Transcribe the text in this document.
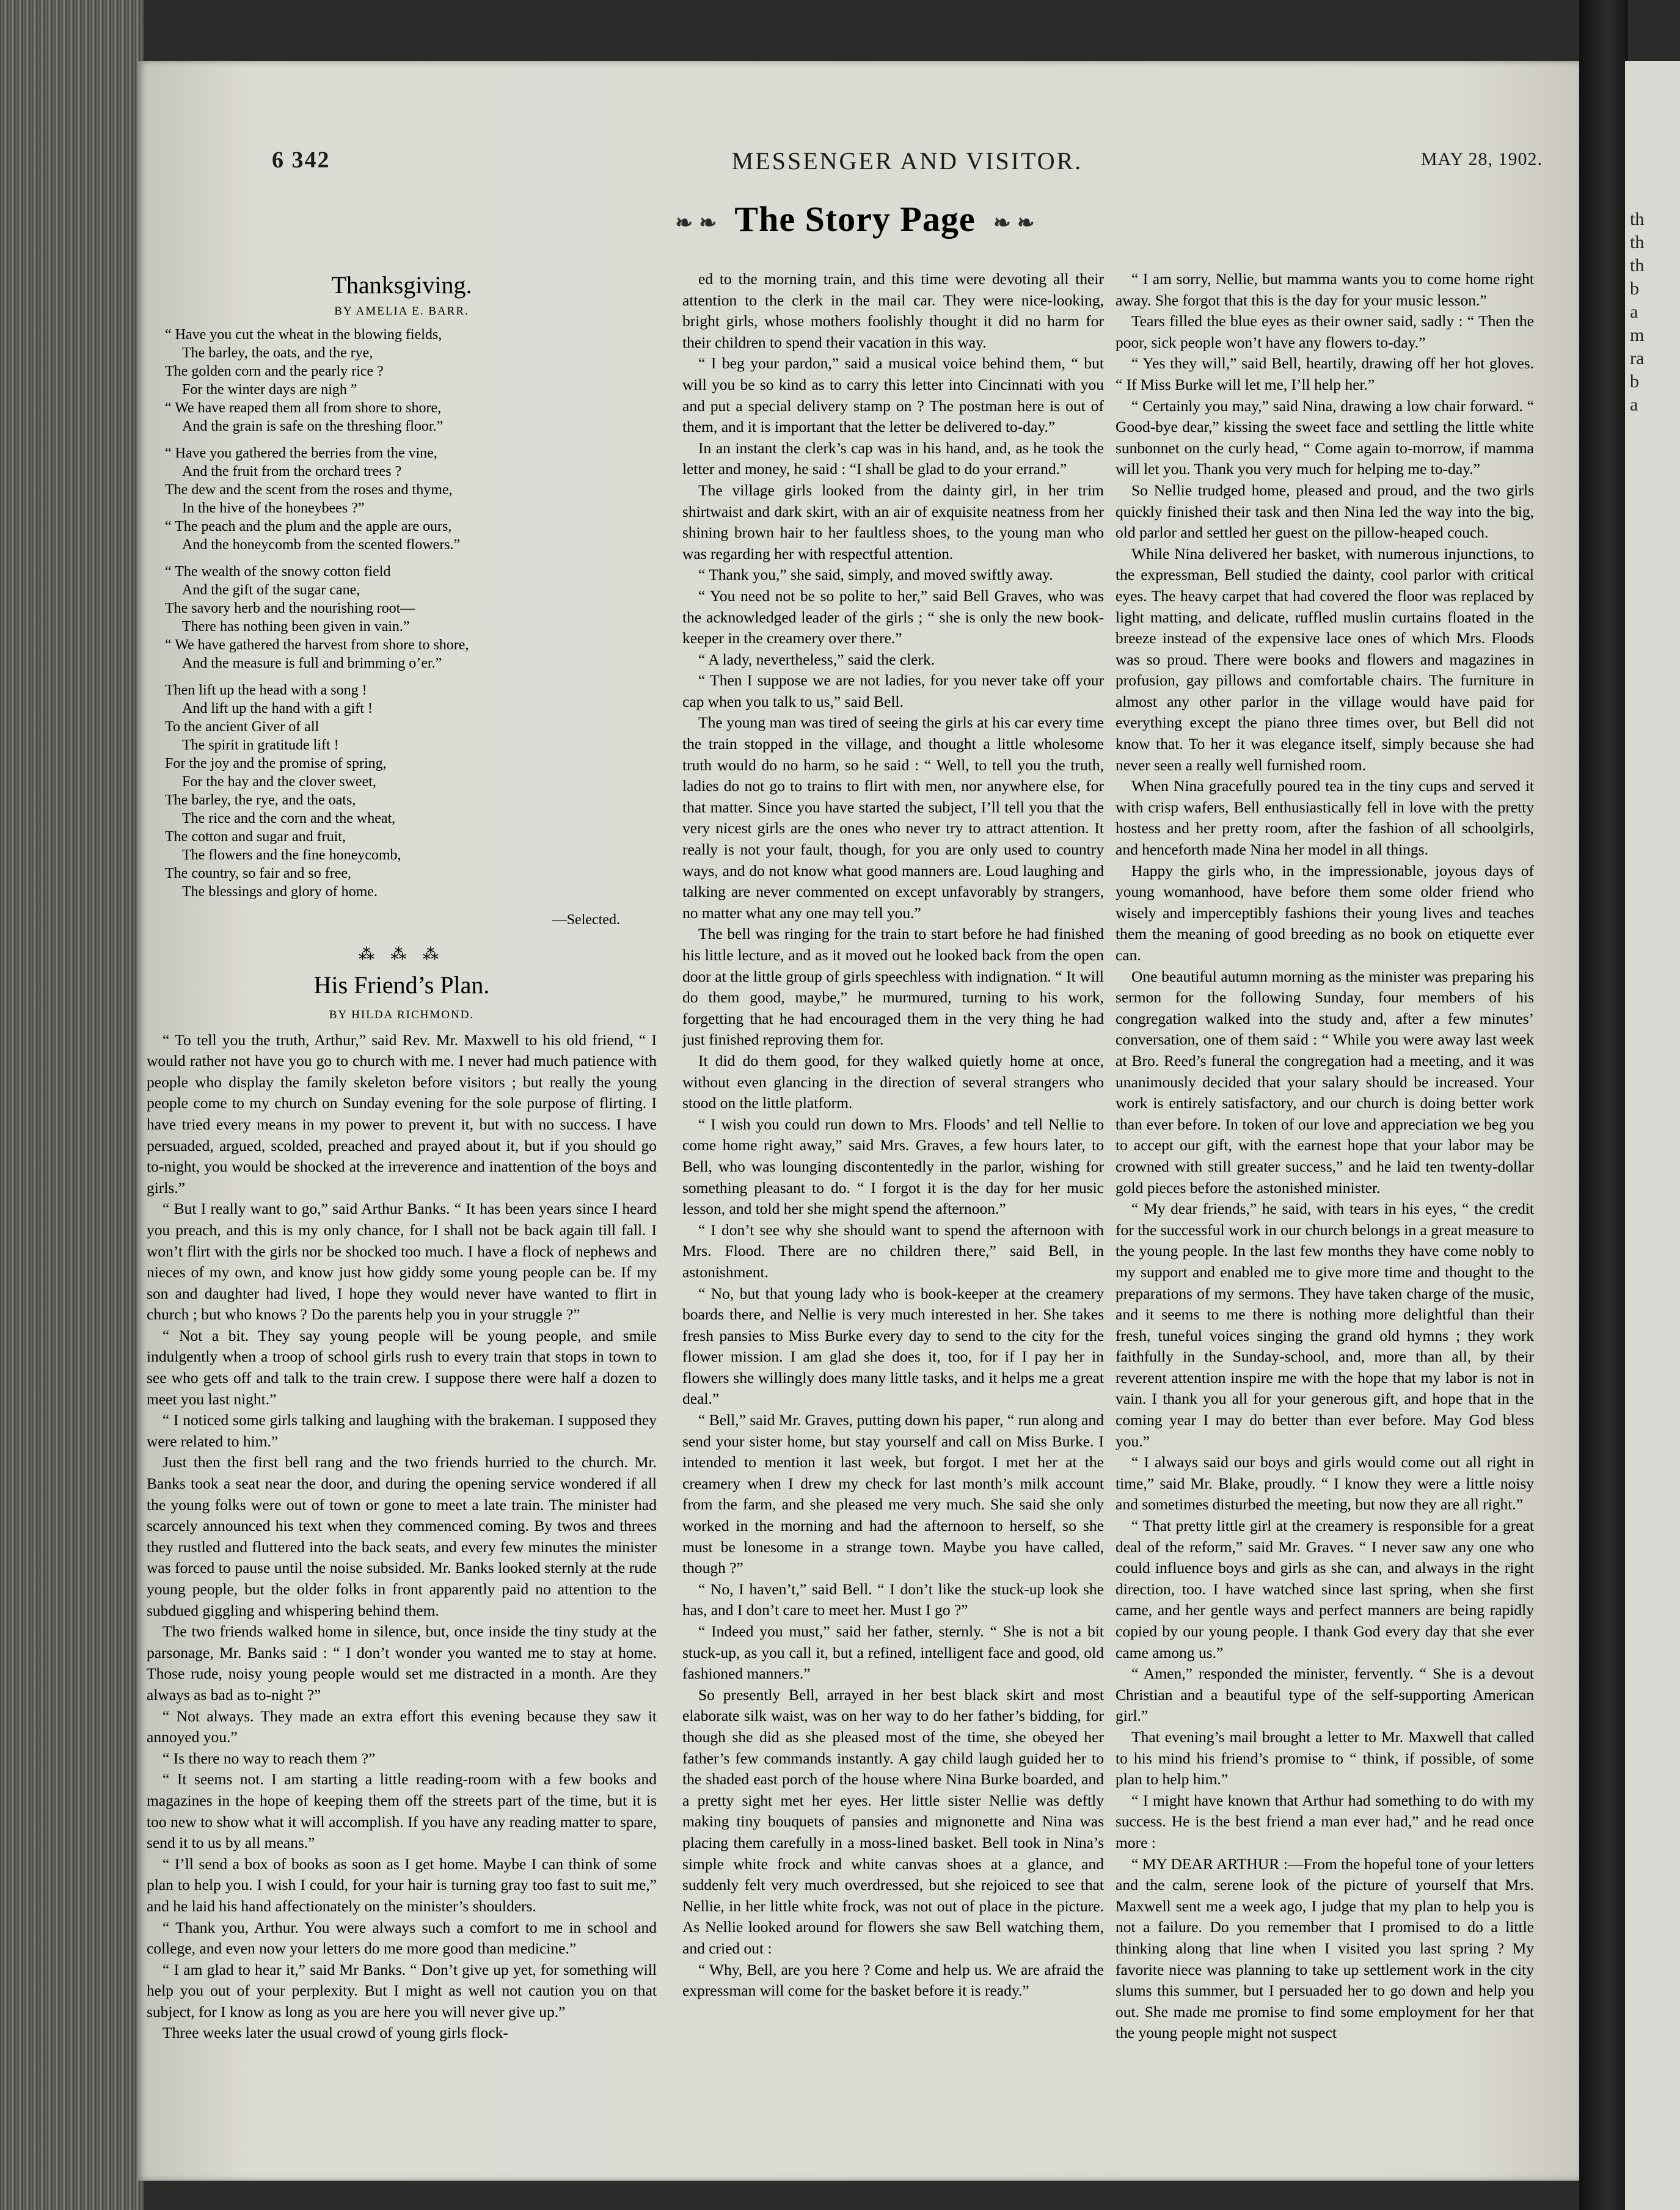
6 342	MESSENGER AND VISITOR.	MAY 28, 1902.
❧ ❧ The Story Page ❧ ❧
Thanksgiving.
BY AMELIA E. BARR.
“ Have you cut the wheat in the blowing fields,
The barley, the oats, and the rye,
The golden corn and the pearly rice ?
For the winter days are nigh ”
“ We have reaped them all from shore to shore,
And the grain is safe on the threshing floor.”
“ Have you gathered the berries from the vine,
And the fruit from the orchard trees ?
The dew and the scent from the roses and thyme,
In the hive of the honeybees ?”
“ The peach and the plum and the apple are ours,
And the honeycomb from the scented flowers.”
“ The wealth of the snowy cotton field
And the gift of the sugar cane,
The savory herb and the nourishing root—
There has nothing been given in vain.”
“ We have gathered the harvest from shore to shore,
And the measure is full and brimming o’er.”
Then lift up the head with a song !
And lift up the hand with a gift !
To the ancient Giver of all
The spirit in gratitude lift !
For the joy and the promise of spring,
For the hay and the clover sweet,
The barley, the rye, and the oats,
The rice and the corn and the wheat,
The cotton and sugar and fruit,
The flowers and the fine honeycomb,
The country, so fair and so free,
The blessings and glory of home.
—Selected.
⁂ ⁂ ⁂
His Friend’s Plan.
BY HILDA RICHMOND.

“ To tell you the truth, Arthur,” said Rev. Mr. Maxwell to his old friend, “ I would rather not have you go to church with me. I never had much patience with people who display the family skeleton before visitors ; but really the young people come to my church on Sunday evening for the sole purpose of flirting. I have tried every means in my power to prevent it, but with no success. I have persuaded, argued, scolded, preached and prayed about it, but if you should go to-night, you would be shocked at the irreverence and inattention of the boys and girls.”

“ But I really want to go,” said Arthur Banks. “ It has been years since I heard you preach, and this is my only chance, for I shall not be back again till fall. I won’t flirt with the girls nor be shocked too much. I have a flock of nephews and nieces of my own, and know just how giddy some young people can be. If my son and daughter had lived, I hope they would never have wanted to flirt in church ; but who knows ? Do the parents help you in your struggle ?”

“ Not a bit. They say young people will be young people, and smile indulgently when a troop of school girls rush to every train that stops in town to see who gets off and talk to the train crew. I suppose there were half a dozen to meet you last night.”

“ I noticed some girls talking and laughing with the brakeman. I supposed they were related to him.”

Just then the first bell rang and the two friends hurried to the church. Mr. Banks took a seat near the door, and during the opening service wondered if all the young folks were out of town or gone to meet a late train. The minister had scarcely announced his text when they commenced coming. By twos and threes they rustled and fluttered into the back seats, and every few minutes the minister was forced to pause until the noise subsided. Mr. Banks looked sternly at the rude young people, but the older folks in front apparently paid no attention to the subdued giggling and whispering behind them.

The two friends walked home in silence, but, once inside the tiny study at the parsonage, Mr. Banks said : “ I don’t wonder you wanted me to stay at home. Those rude, noisy young people would set me distracted in a month. Are they always as bad as to-night ?”

“ Not always. They made an extra effort this evening because they saw it annoyed you.”

“ Is there no way to reach them ?”

“ It seems not. I am starting a little reading-room with a few books and magazines in the hope of keeping them off the streets part of the time, but it is too new to show what it will accomplish. If you have any reading matter to spare, send it to us by all means.”

“ I’ll send a box of books as soon as I get home. Maybe I can think of some plan to help you. I wish I could, for your hair is turning gray too fast to suit me,” and he laid his hand affectionately on the minister’s shoulders.

“ Thank you, Arthur. You were always such a comfort to me in school and college, and even now your letters do me more good than medicine.”

“ I am glad to hear it,” said Mr Banks. “ Don’t give up yet, for something will help you out of your perplexity. But I might as well not caution you on that subject, for I know as long as you are here you will never give up.”

Three weeks later the usual crowd of young girls flock-

ed to the morning train, and this time were devoting all their attention to the clerk in the mail car. They were nice-looking, bright girls, whose mothers foolishly thought it did no harm for their children to spend their vacation in this way.

“ I beg your pardon,” said a musical voice behind them, “ but will you be so kind as to carry this letter into Cincinnati with you and put a special delivery stamp on ? The postman here is out of them, and it is important that the letter be delivered to-day.”

In an instant the clerk’s cap was in his hand, and, as he took the letter and money, he said : “I shall be glad to do your errand.”

The village girls looked from the dainty girl, in her trim shirtwaist and dark skirt, with an air of exquisite neatness from her shining brown hair to her faultless shoes, to the young man who was regarding her with respectful attention.

“ Thank you,” she said, simply, and moved swiftly away.

“ You need not be so polite to her,” said Bell Graves, who was the acknowledged leader of the girls ; “ she is only the new book-keeper in the creamery over there.”

“ A lady, nevertheless,” said the clerk.

“ Then I suppose we are not ladies, for you never take off your cap when you talk to us,” said Bell.

The young man was tired of seeing the girls at his car every time the train stopped in the village, and thought a little wholesome truth would do no harm, so he said : “ Well, to tell you the truth, ladies do not go to trains to flirt with men, nor anywhere else, for that matter. Since you have started the subject, I’ll tell you that the very nicest girls are the ones who never try to attract attention. It really is not your fault, though, for you are only used to country ways, and do not know what good manners are. Loud laughing and talking are never commented on except unfavorably by strangers, no matter what any one may tell you.”

The bell was ringing for the train to start before he had finished his little lecture, and as it moved out he looked back from the open door at the little group of girls speechless with indignation. “ It will do them good, maybe,” he murmured, turning to his work, forgetting that he had encouraged them in the very thing he had just finished reproving them for.

It did do them good, for they walked quietly home at once, without even glancing in the direction of several strangers who stood on the little platform.

“ I wish you could run down to Mrs. Floods’ and tell Nellie to come home right away,” said Mrs. Graves, a few hours later, to Bell, who was lounging discontentedly in the parlor, wishing for something pleasant to do. “ I forgot it is the day for her music lesson, and told her she might spend the afternoon.”

“ I don’t see why she should want to spend the afternoon with Mrs. Flood. There are no children there,” said Bell, in astonishment.

“ No, but that young lady who is book-keeper at the creamery boards there, and Nellie is very much interested in her. She takes fresh pansies to Miss Burke every day to send to the city for the flower mission. I am glad she does it, too, for if I pay her in flowers she willingly does many little tasks, and it helps me a great deal.”

“ Bell,” said Mr. Graves, putting down his paper, “ run along and send your sister home, but stay yourself and call on Miss Burke. I intended to mention it last week, but forgot. I met her at the creamery when I drew my check for last month’s milk account from the farm, and she pleased me very much. She said she only worked in the morning and had the afternoon to herself, so she must be lonesome in a strange town. Maybe you have called, though ?”

“ No, I haven’t,” said Bell. “ I don’t like the stuck-up look she has, and I don’t care to meet her. Must I go ?”

“ Indeed you must,” said her father, sternly. “ She is not a bit stuck-up, as you call it, but a refined, intelligent face and good, old fashioned manners.”

So presently Bell, arrayed in her best black skirt and most elaborate silk waist, was on her way to do her father’s bidding, for though she did as she pleased most of the time, she obeyed her father’s few commands instantly. A gay child laugh guided her to the shaded east porch of the house where Nina Burke boarded, and a pretty sight met her eyes. Her little sister Nellie was deftly making tiny bouquets of pansies and mignonette and Nina was placing them carefully in a moss-lined basket. Bell took in Nina’s simple white frock and white canvas shoes at a glance, and suddenly felt very much overdressed, but she rejoiced to see that Nellie, in her little white frock, was not out of place in the picture. As Nellie looked around for flowers she saw Bell watching them, and cried out :

“ Why, Bell, are you here ? Come and help us. We are afraid the expressman will come for the basket before it is ready.”

“ I am sorry, Nellie, but mamma wants you to come home right away. She forgot that this is the day for your music lesson.”

Tears filled the blue eyes as their owner said, sadly : “ Then the poor, sick people won’t have any flowers to-day.”

“ Yes they will,” said Bell, heartily, drawing off her hot gloves. “ If Miss Burke will let me, I’ll help her.”

“ Certainly you may,” said Nina, drawing a low chair forward. “ Good-bye dear,” kissing the sweet face and settling the little white sunbonnet on the curly head, “ Come again to-morrow, if mamma will let you. Thank you very much for helping me to-day.”

So Nellie trudged home, pleased and proud, and the two girls quickly finished their task and then Nina led the way into the big, old parlor and settled her guest on the pillow-heaped couch.

While Nina delivered her basket, with numerous injunctions, to the expressman, Bell studied the dainty, cool parlor with critical eyes. The heavy carpet that had covered the floor was replaced by light matting, and delicate, ruffled muslin curtains floated in the breeze instead of the expensive lace ones of which Mrs. Floods was so proud. There were books and flowers and magazines in profusion, gay pillows and comfortable chairs. The furniture in almost any other parlor in the village would have paid for everything except the piano three times over, but Bell did not know that. To her it was elegance itself, simply because she had never seen a really well furnished room.

When Nina gracefully poured tea in the tiny cups and served it with crisp wafers, Bell enthusiastically fell in love with the pretty hostess and her pretty room, after the fashion of all schoolgirls, and henceforth made Nina her model in all things.

Happy the girls who, in the impressionable, joyous days of young womanhood, have before them some older friend who wisely and imperceptibly fashions their young lives and teaches them the meaning of good breeding as no book on etiquette ever can.

One beautiful autumn morning as the minister was preparing his sermon for the following Sunday, four members of his congregation walked into the study and, after a few minutes’ conversation, one of them said : “ While you were away last week at Bro. Reed’s funeral the congregation had a meeting, and it was unanimously decided that your salary should be increased. Your work is entirely satisfactory, and our church is doing better work than ever before. In token of our love and appreciation we beg you to accept our gift, with the earnest hope that your labor may be crowned with still greater success,” and he laid ten twenty-dollar gold pieces before the astonished minister.

“ My dear friends,” he said, with tears in his eyes, “ the credit for the successful work in our church belongs in a great measure to the young people. In the last few months they have come nobly to my support and enabled me to give more time and thought to the preparations of my sermons. They have taken charge of the music, and it seems to me there is nothing more delightful than their fresh, tuneful voices singing the grand old hymns ; they work faithfully in the Sunday-school, and, more than all, by their reverent attention inspire me with the hope that my labor is not in vain. I thank you all for your generous gift, and hope that in the coming year I may do better than ever before. May God bless you.”

“ I always said our boys and girls would come out all right in time,” said Mr. Blake, proudly. “ I know they were a little noisy and sometimes disturbed the meeting, but now they are all right.”

“ That pretty little girl at the creamery is responsible for a great deal of the reform,” said Mr. Graves. “ I never saw any one who could influence boys and girls as she can, and always in the right direction, too. I have watched since last spring, when she first came, and her gentle ways and perfect manners are being rapidly copied by our young people. I thank God every day that she ever came among us.”

“ Amen,” responded the minister, fervently. “ She is a devout Christian and a beautiful type of the self-supporting American girl.”

That evening’s mail brought a letter to Mr. Maxwell that called to his mind his friend’s promise to “ think, if possible, of some plan to help him.”

“ I might have known that Arthur had something to do with my success. He is the best friend a man ever had,” and he read once more :

“ MY DEAR ARTHUR :—From the hopeful tone of your letters and the calm, serene look of the picture of yourself that Mrs. Maxwell sent me a week ago, I judge that my plan to help you is not a failure. Do you remember that I promised to do a little thinking along that line when I visited you last spring ? My favorite niece was planning to take up settlement work in the city slums this summer, but I persuaded her to go down and help you out. She made me promise to find some employment for her that the young people might not suspect

th
th
th
b
a
m
ra
b
a
